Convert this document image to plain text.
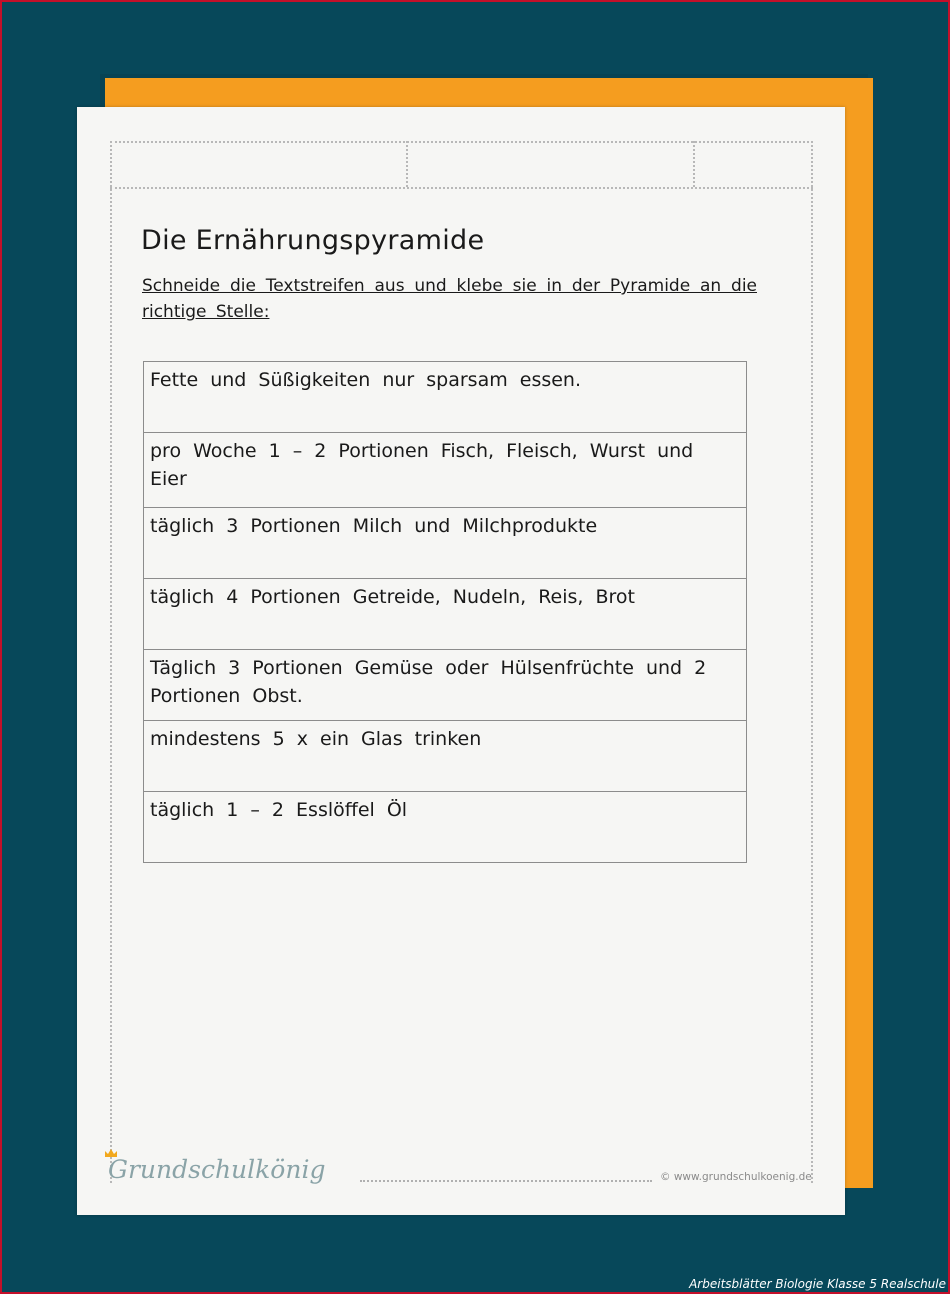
Die Ernährungspyramide
Schneide die Textstreifen aus und klebe sie in der Pyramide an die richtige Stelle:
Fette und Süßigkeiten nur sparsam essen.
pro Woche 1 – 2 Portionen Fisch, Fleisch, Wurst und Eier
täglich 3 Portionen Milch und Milchprodukte
täglich 4 Portionen Getreide, Nudeln, Reis, Brot
Täglich 3 Portionen Gemüse oder Hülsenfrüchte und 2 Portionen Obst.
mindestens 5 x ein Glas trinken
täglich 1 – 2 Esslöffel Öl
Grundschulkönig	© www.grundschulkoenig.de
Arbeitsblätter Biologie Klasse 5 Realschule
